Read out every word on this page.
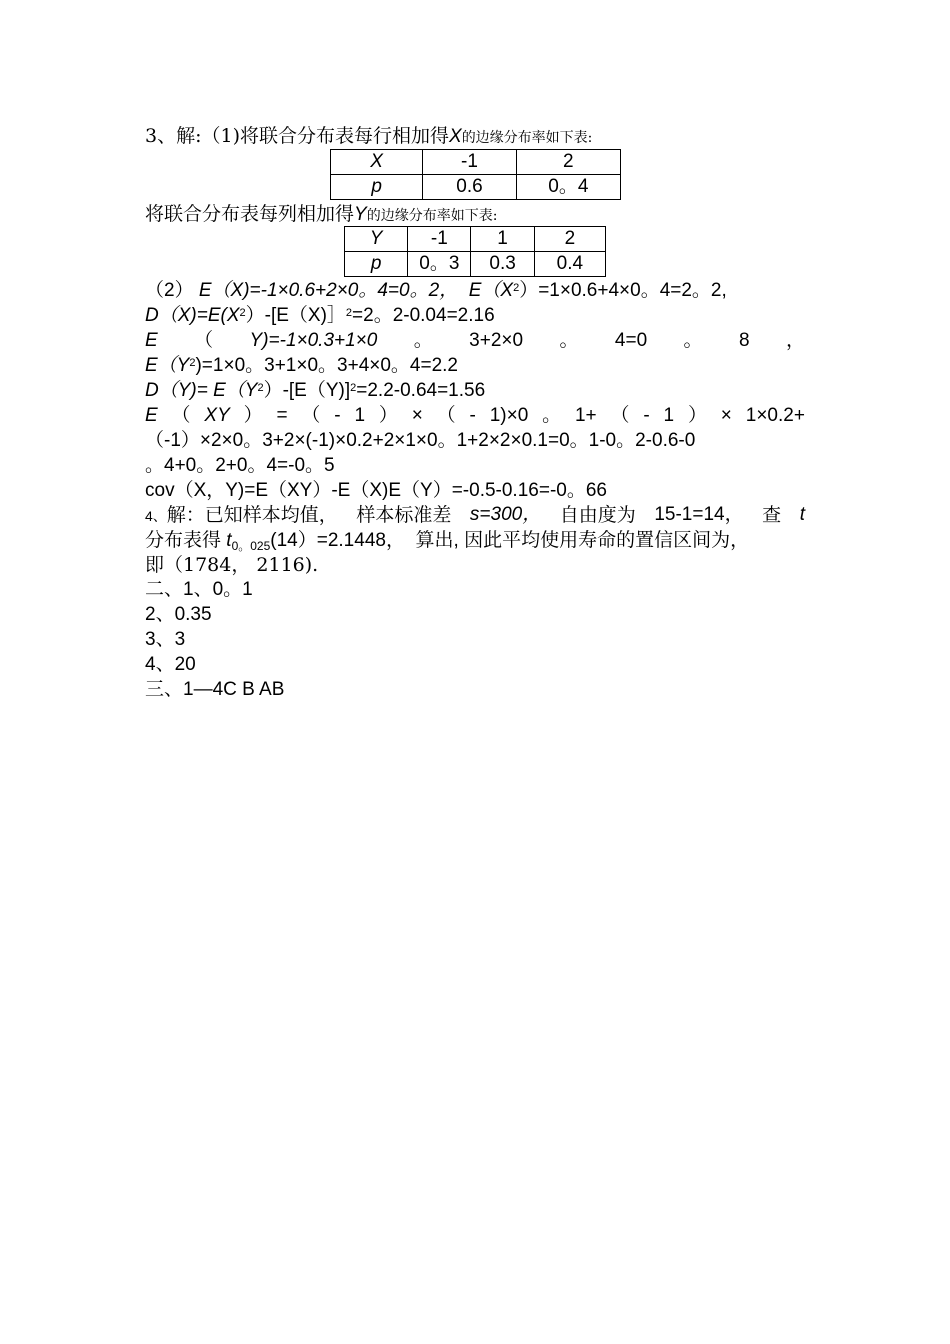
3、解:（1)将联合分布表每行相加得X的边缘分布率如下表:
X	-1	2
p	0.6	0。4
将联合分布表每列相加得Y的边缘分布率如下表:
Y	-1	1	2
p	0。3	0.3	0.4
（2） E（X)=-1×0.6+2×0。4=0。2， $E(X^2)=1\times 0.6+4\times 0$。4=2。2,
$D(X)=E(X^2)-[E(X)]^2=2$。2-0.04=2.16
E （ Y)=-1×0.3+1×0 。 3+2×0 。 4=0 。 8 ，
$E(Y^2)=1\times 0$。3+1×0。3+4×0。4=2.2
$D(Y)= E(Y^2)-[E(Y)]^2=2.2-0.64=1.56$
E （ XY ） = （ - 1 ） × （ - 1)×0 。 1+ （ - 1 ） × 1×0.2+
（-1）×2×0。3+2×(-1)×0.2+2×1×0。1+2×2×0.1=0。1-0。2-0.6-0
。4+0。2+0。4=-0。5
cov（X，Y)=E（XY）-E（X)E（Y）=-0.5-0.16=-0。66
4、解：已知样本均值， 样本标准差 s=300， 自由度为 15-1=14， 查 t
分布表得 $t_{0。025}(14)=2.1448$， 算出, 因此平均使用寿命的置信区间为，
即（1784， 2116).
二、1、0。1
2、0.35
3、3
4、20
三、1—4C B AB
